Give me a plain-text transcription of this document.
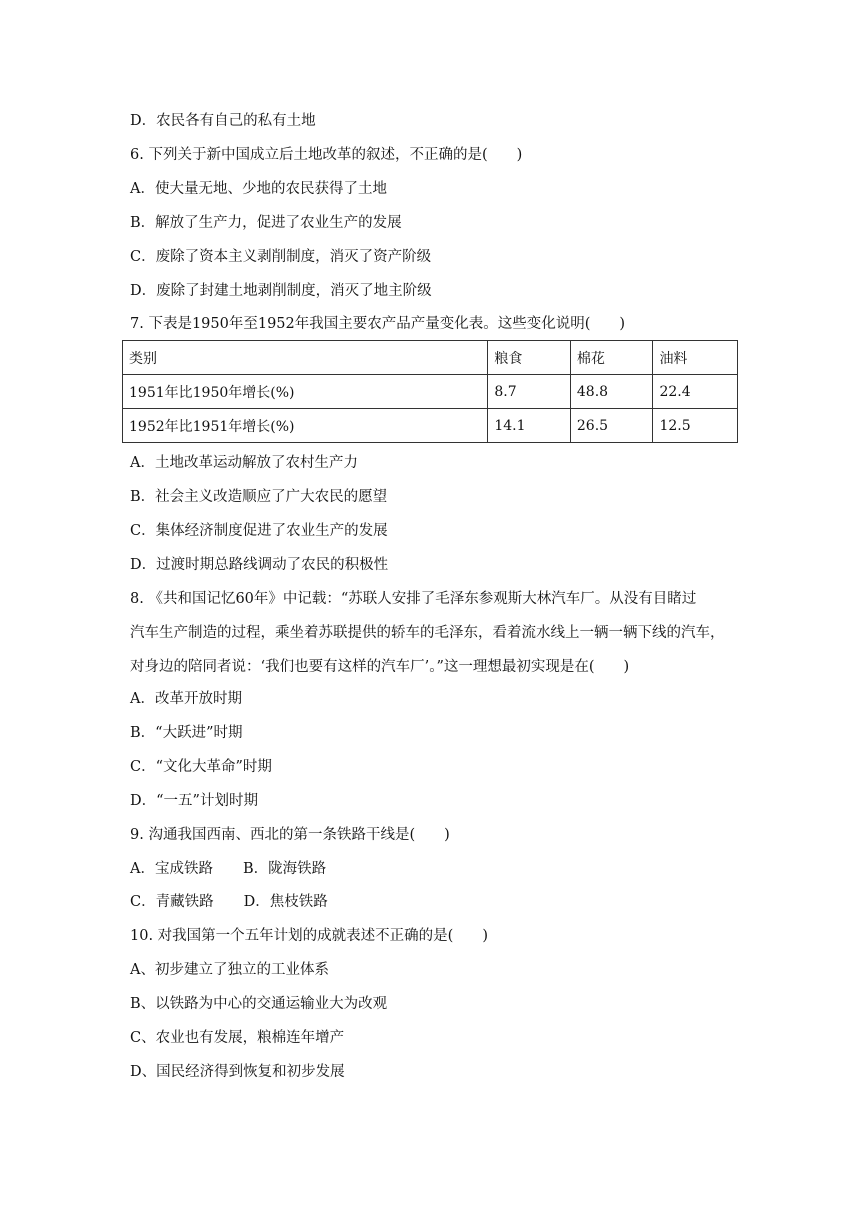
D．农民各有自己的私有土地
6. 下列关于新中国成立后土地改革的叙述，不正确的是(　　)
A．使大量无地、少地的农民获得了土地
B．解放了生产力，促进了农业生产的发展
C．废除了资本主义剥削制度，消灭了资产阶级
D．废除了封建土地剥削制度，消灭了地主阶级
7. 下表是1950年至1952年我国主要农产品产量变化表。这些变化说明(　　)
类别	粮食	棉花	油料
1951年比1950年增长(%)	8.7	48.8	22.4
1952年比1951年增长(%)	14.1	26.5	12.5
A．土地改革运动解放了农村生产力
B．社会主义改造顺应了广大农民的愿望
C．集体经济制度促进了农业生产的发展
D．过渡时期总路线调动了农民的积极性

8. 《共和国记忆60年》中记载：“苏联人安排了毛泽东参观斯大林汽车厂。从没有目睹过

汽车生产制造的过程，乘坐着苏联提供的轿车的毛泽东，看着流水线上一辆一辆下线的汽车，

对身边的陪同者说：‘我们也要有这样的汽车厂’。”这一理想最初实现是在(　　)

A．改革开放时期
B．“大跃进”时期
C．“文化大革命”时期
D．“一五”计划时期
9. 沟通我国西南、西北的第一条铁路干线是(　　)
A．宝成铁路 B．陇海铁路
C．青藏铁路 D．焦枝铁路
10. 对我国第一个五年计划的成就表述不正确的是(　　)
A、初步建立了独立的工业体系
B、以铁路为中心的交通运输业大为改观
C、农业也有发展，粮棉连年增产
D、国民经济得到恢复和初步发展
